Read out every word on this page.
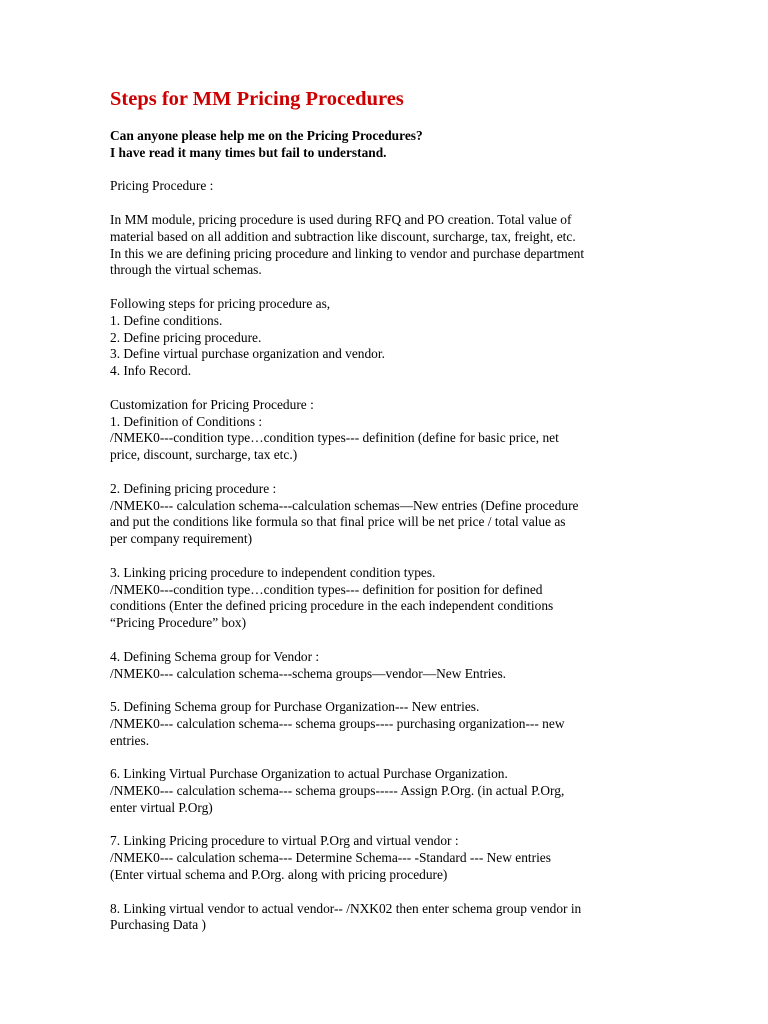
Steps for MM Pricing Procedures
Can anyone please help me on the Pricing Procedures?
I have read it many times but fail to understand.
Pricing Procedure :
In MM module, pricing procedure is used during RFQ and PO creation. Total value of
material based on all addition and subtraction like discount, surcharge, tax, freight, etc.
In this we are defining pricing procedure and linking to vendor and purchase department
through the virtual schemas.
Following steps for pricing procedure as,
1. Define conditions.
2. Define pricing procedure.
3. Define virtual purchase organization and vendor.
4. Info Record.
Customization for Pricing Procedure :
1. Definition of Conditions :
/NMEK0---condition type…condition types--- definition (define for basic price, net
price, discount, surcharge, tax etc.)
2. Defining pricing procedure :
/NMEK0--- calculation schema---calculation schemas—New entries (Define procedure
and put the conditions like formula so that final price will be net price / total value as
per company requirement)
3. Linking pricing procedure to independent condition types.
/NMEK0---condition type…condition types--- definition for position for defined
conditions (Enter the defined pricing procedure in the each independent conditions
“Pricing Procedure” box)
4. Defining Schema group for Vendor :
/NMEK0--- calculation schema---schema groups—vendor—New Entries.
5. Defining Schema group for Purchase Organization--- New entries.
/NMEK0--- calculation schema--- schema groups---- purchasing organization--- new
entries.
6. Linking Virtual Purchase Organization to actual Purchase Organization.
/NMEK0--- calculation schema--- schema groups----- Assign P.Org. (in actual P.Org,
enter virtual P.Org)
7. Linking Pricing procedure to virtual P.Org and virtual vendor :
/NMEK0--- calculation schema--- Determine Schema--- -Standard --- New entries
(Enter virtual schema and P.Org. along with pricing procedure)
8. Linking virtual vendor to actual vendor-- /NXK02 then enter schema group vendor in
Purchasing Data )
